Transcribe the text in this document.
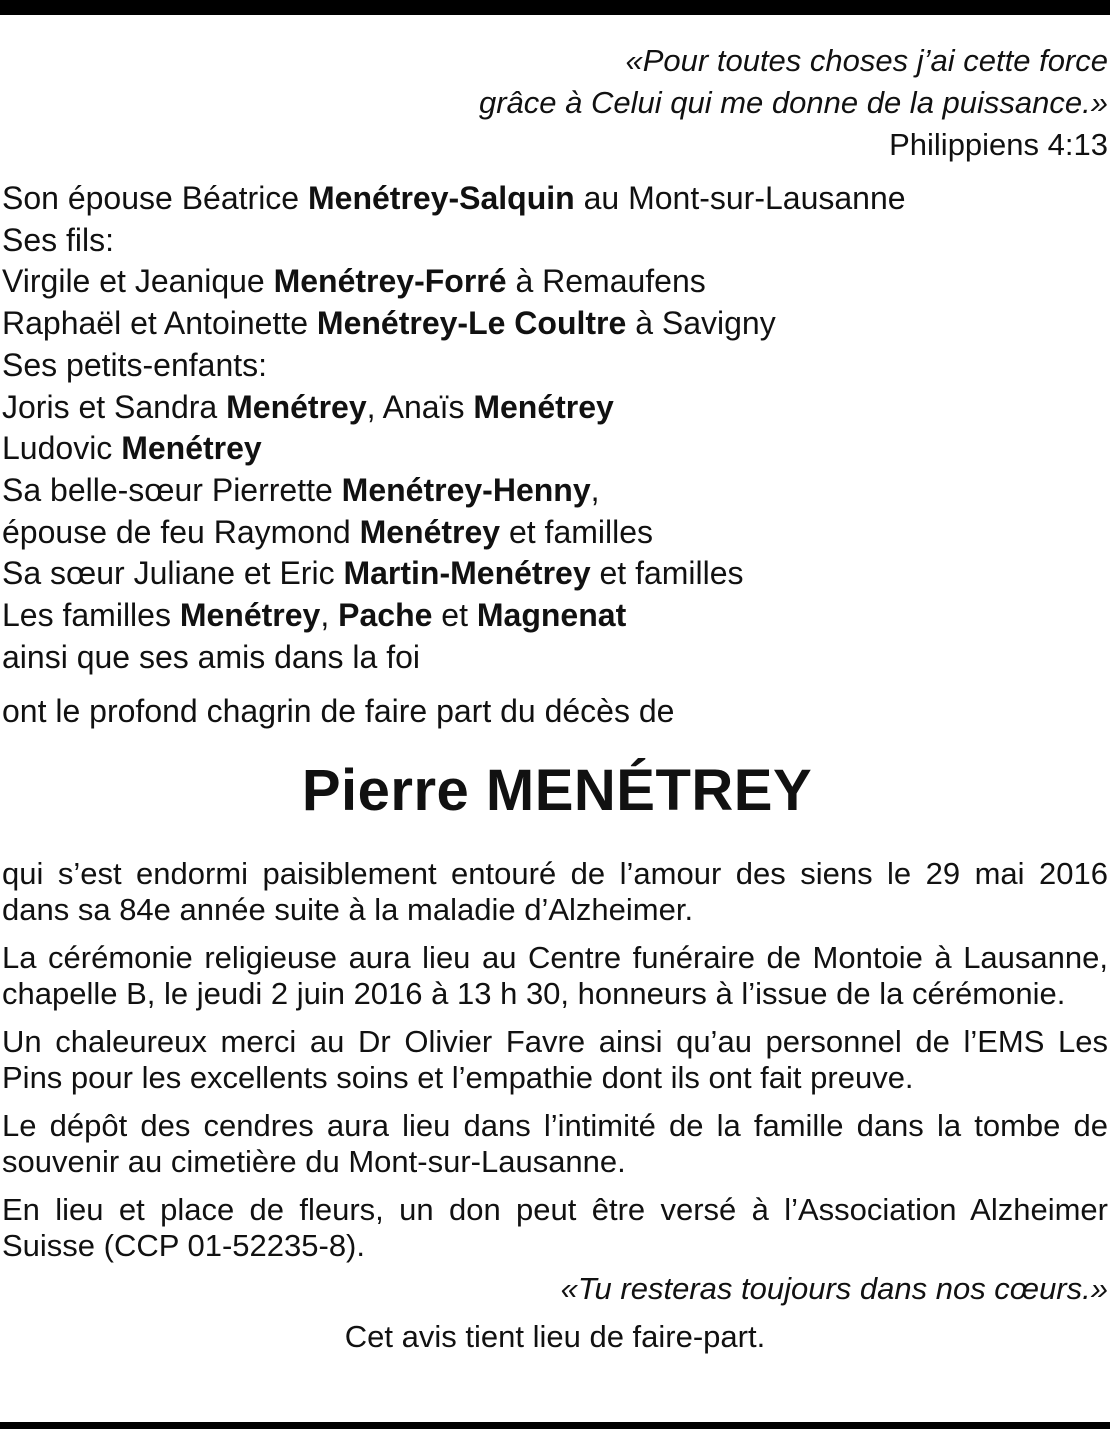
«Pour toutes choses j’ai cette force
grâce à Celui qui me donne de la puissance.»
Philippiens 4:13
Son épouse Béatrice Menétrey-Salquin au Mont-sur-Lausanne
Ses fils:
Virgile et Jeanique Menétrey-Forré à Remaufens
Raphaël et Antoinette Menétrey-Le Coultre à Savigny
Ses petits-enfants:
Joris et Sandra Menétrey, Anaïs Menétrey
Ludovic Menétrey
Sa belle-sœur Pierrette Menétrey-Henny,
épouse de feu Raymond Menétrey et familles
Sa sœur Juliane et Eric Martin-Menétrey et familles
Les familles Menétrey, Pache et Magnenat
ainsi que ses amis dans la foi
ont le profond chagrin de faire part du décès de
Pierre MENÉTREY
qui s’est endormi paisiblement entouré de l’amour des siens le 29 mai 2016 dans sa 84e année suite à la maladie d’Alzheimer.
La cérémonie religieuse aura lieu au Centre funéraire de Montoie à Lausanne, chapelle B, le jeudi 2 juin 2016 à 13 h 30, honneurs à l’issue de la cérémonie.
Un chaleureux merci au Dr Olivier Favre ainsi qu’au personnel de l’EMS Les Pins pour les excellents soins et l’empathie dont ils ont fait preuve.
Le dépôt des cendres aura lieu dans l’intimité de la famille dans la tombe de souvenir au cimetière du Mont-sur-Lausanne.
En lieu et place de fleurs, un don peut être versé à l’Association Alzheimer Suisse (CCP 01-52235-8).
«Tu resteras toujours dans nos cœurs.»
Cet avis tient lieu de faire-part.
